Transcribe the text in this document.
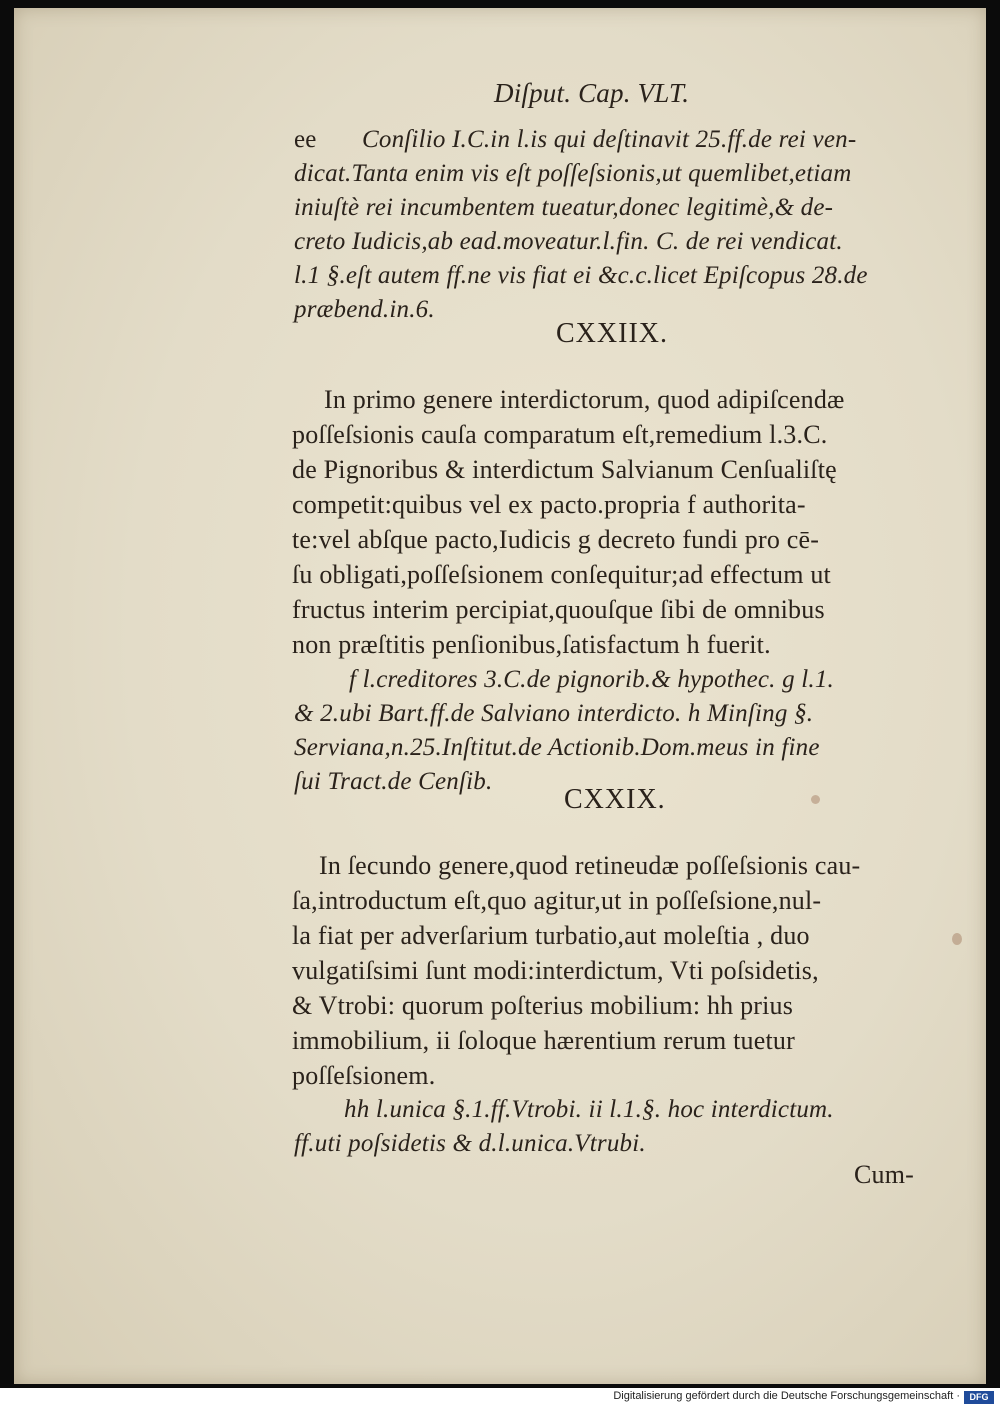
Diſput. Cap. VLT.
ee Conſilio I.C.in l.is qui deſtinavit 25.ff.de rei ven-
dicat.Tanta enim vis eſt poſſeſsionis,ut quemlibet,etiam
iniuſtè rei incumbentem tueatur,donec legitimè,& de-
creto Iudicis,ab ead.moveatur.l.fin. C. de rei vendicat.
l.1 §.eſt autem ff.ne vis fiat ei &c.c.licet Epiſcopus 28.de
præbend.in.6.
CXXIIX.
In primo genere interdictorum, quod adipiſcendæ
poſſeſsionis cauſa comparatum eſt,remedium l.3.C.
de Pignoribus & interdictum Salvianum Cenſualiſtę
competit:quibus vel ex pacto.propria f authorita-
te:vel abſque pacto,Iudicis g decreto fundi pro cē-
ſu obligati,poſſeſsionem conſequitur;ad effectum ut
fructus interim percipiat,quouſque ſibi de omnibus
non præſtitis penſionibus,ſatisfactum h fuerit.
f l.creditores 3.C.de pignorib.& hypothec. g l.1.
& 2.ubi Bart.ff.de Salviano interdicto. h Minſing §.
Serviana,n.25.Inſtitut.de Actionib.Dom.meus in fine
ſui Tract.de Cenſib.
CXXIX.
In ſecundo genere,quod retineudæ poſſeſsionis cau-
ſa,introductum eſt,quo agitur,ut in poſſeſsione,nul-
la fiat per adverſarium turbatio,aut moleſtia , duo
vulgatiſsimi ſunt modi:interdictum, Vti poſsidetis,
& Vtrobi: quorum poſterius mobilium: hh prius
immobilium, ii ſoloque hærentium rerum tuetur
poſſeſsionem.
hh l.unica §.1.ff.Vtrobi. ii l.1.§. hoc interdictum.
ff.uti poſsidetis & d.l.unica.Vtrubi.
Cum-
Digitalisierung gefördert durch die Deutsche Forschungsgemeinschaft ·	DFG
